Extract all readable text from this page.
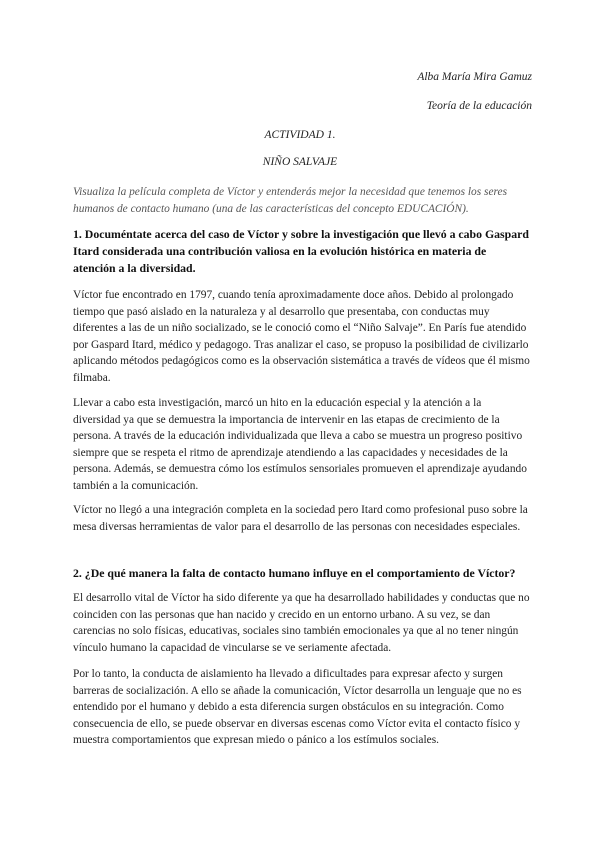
Alba María Mira Gamuz
Teoría de la educación
ACTIVIDAD 1.
NIÑO SALVAJE

Visualiza la película completa de Víctor y entenderás mejor la necesidad que tenemos los seres humanos de contacto humano (una de las características del concepto EDUCACIÓN).

1. Documéntate acerca del caso de Víctor y sobre la investigación que llevó a cabo Gaspard Itard considerada una contribución valiosa en la evolución histórica en materia de atención a la diversidad.

Víctor fue encontrado en 1797, cuando tenía aproximadamente doce años. Debido al prolongado tiempo que pasó aislado en la naturaleza y al desarrollo que presentaba, con conductas muy diferentes a las de un niño socializado, se le conoció como el “Niño Salvaje”. En París fue atendido por Gaspard Itard, médico y pedagogo. Tras analizar el caso, se propuso la posibilidad de civilizarlo aplicando métodos pedagógicos como es la observación sistemática a través de vídeos que él mismo filmaba.

Llevar a cabo esta investigación, marcó un hito en la educación especial y la atención a la diversidad ya que se demuestra la importancia de intervenir en las etapas de crecimiento de la persona. A través de la educación individualizada que lleva a cabo se muestra un progreso positivo siempre que se respeta el ritmo de aprendizaje atendiendo a las capacidades y necesidades de la persona. Además, se demuestra cómo los estímulos sensoriales promueven el aprendizaje ayudando también a la comunicación.

Víctor no llegó a una integración completa en la sociedad pero Itard como profesional puso sobre la mesa diversas herramientas de valor para el desarrollo de las personas con necesidades especiales.

2. ¿De qué manera la falta de contacto humano influye en el comportamiento de Víctor?

El desarrollo vital de Víctor ha sido diferente ya que ha desarrollado habilidades y conductas que no coinciden con las personas que han nacido y crecido en un entorno urbano. A su vez, se dan carencias no solo físicas, educativas, sociales sino también emocionales ya que al no tener ningún vínculo humano la capacidad de vincularse se ve seriamente afectada.

Por lo tanto, la conducta de aislamiento ha llevado a dificultades para expresar afecto y surgen barreras de socialización. A ello se añade la comunicación, Víctor desarrolla un lenguaje que no es entendido por el humano y debido a esta diferencia surgen obstáculos en su integración. Como consecuencia de ello, se puede observar en diversas escenas como Víctor evita el contacto físico y muestra comportamientos que expresan miedo o pánico a los estímulos sociales.
